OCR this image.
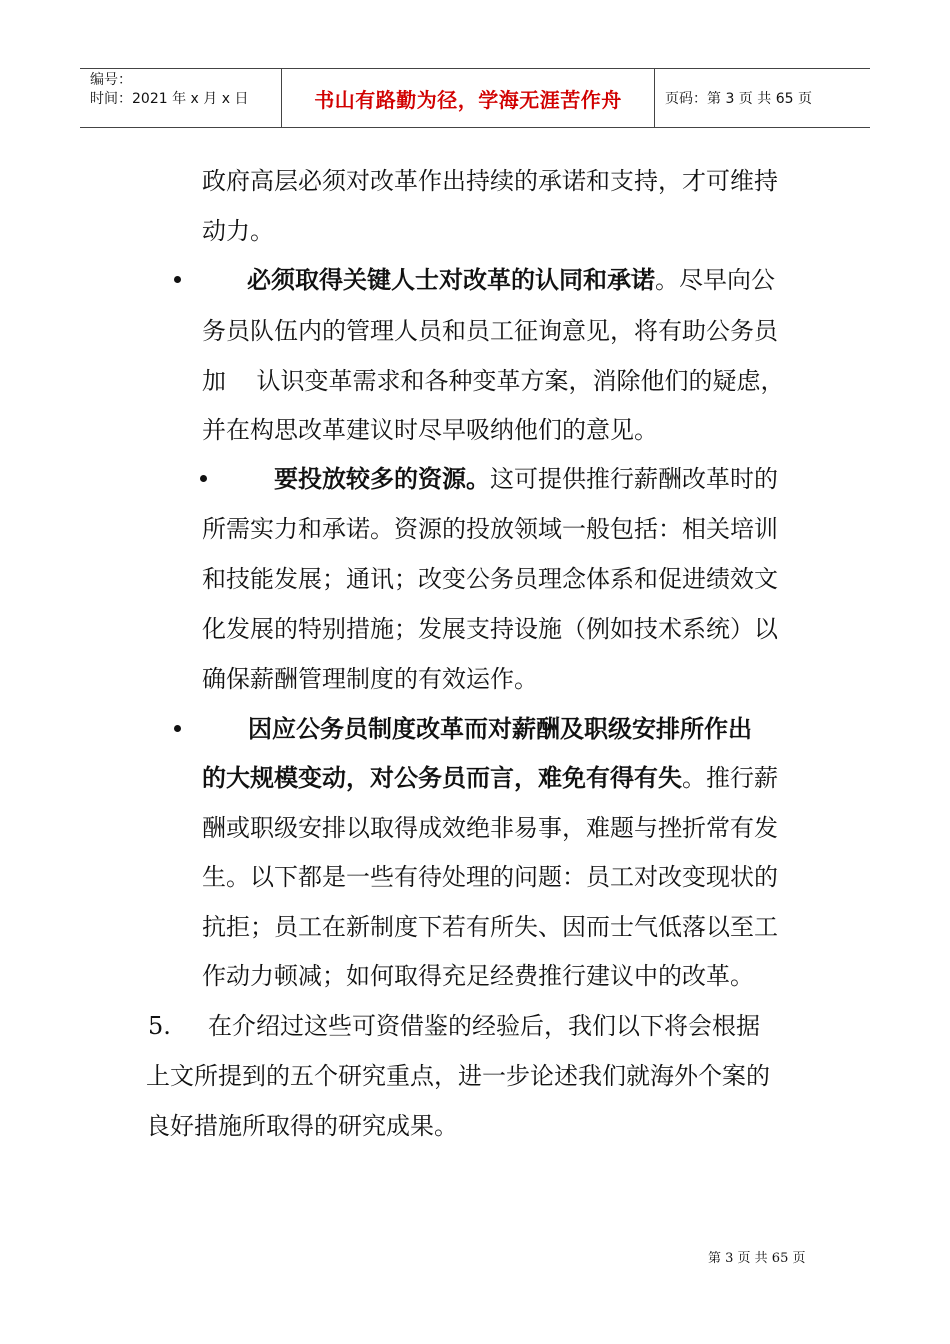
编号：
时间：2021 年 x 月 x 日	书山有路勤为径，学海无涯苦作舟	页码：第 3 页 共 65 页
政府高层必须对改革作出持续的承诺和支持，才可维持
动力。
必须取得关键人士对改革的认同和承诺。尽早向公
务员队伍内的管理人员和员工征询意见，将有助公务员
加    认识变革需求和各种变革方案，消除他们的疑虑，
并在构思改革建议时尽早吸纳他们的意见。
要投放较多的资源。这可提供推行薪酬改革时的
所需实力和承诺。资源的投放领域一般包括：相关培训
和技能发展；通讯；改变公务员理念体系和促进绩效文
化发展的特别措施；发展支持设施（例如技术系统）以
确保薪酬管理制度的有效运作。
因应公务员制度改革而对薪酬及职级安排所作出
的大规模变动，对公务员而言，难免有得有失。推行薪
酬或职级安排以取得成效绝非易事，难题与挫折常有发
生。以下都是一些有待处理的问题：员工对改变现状的
抗拒；员工在新制度下若有所失、因而士气低落以至工
作动力顿减；如何取得充足经费推行建议中的改革。
5. 在介绍过这些可资借鉴的经验后，我们以下将会根据
上文所提到的五个研究重点，进一步论述我们就海外个案的
良好措施所取得的研究成果。
第 3 页 共 65 页
